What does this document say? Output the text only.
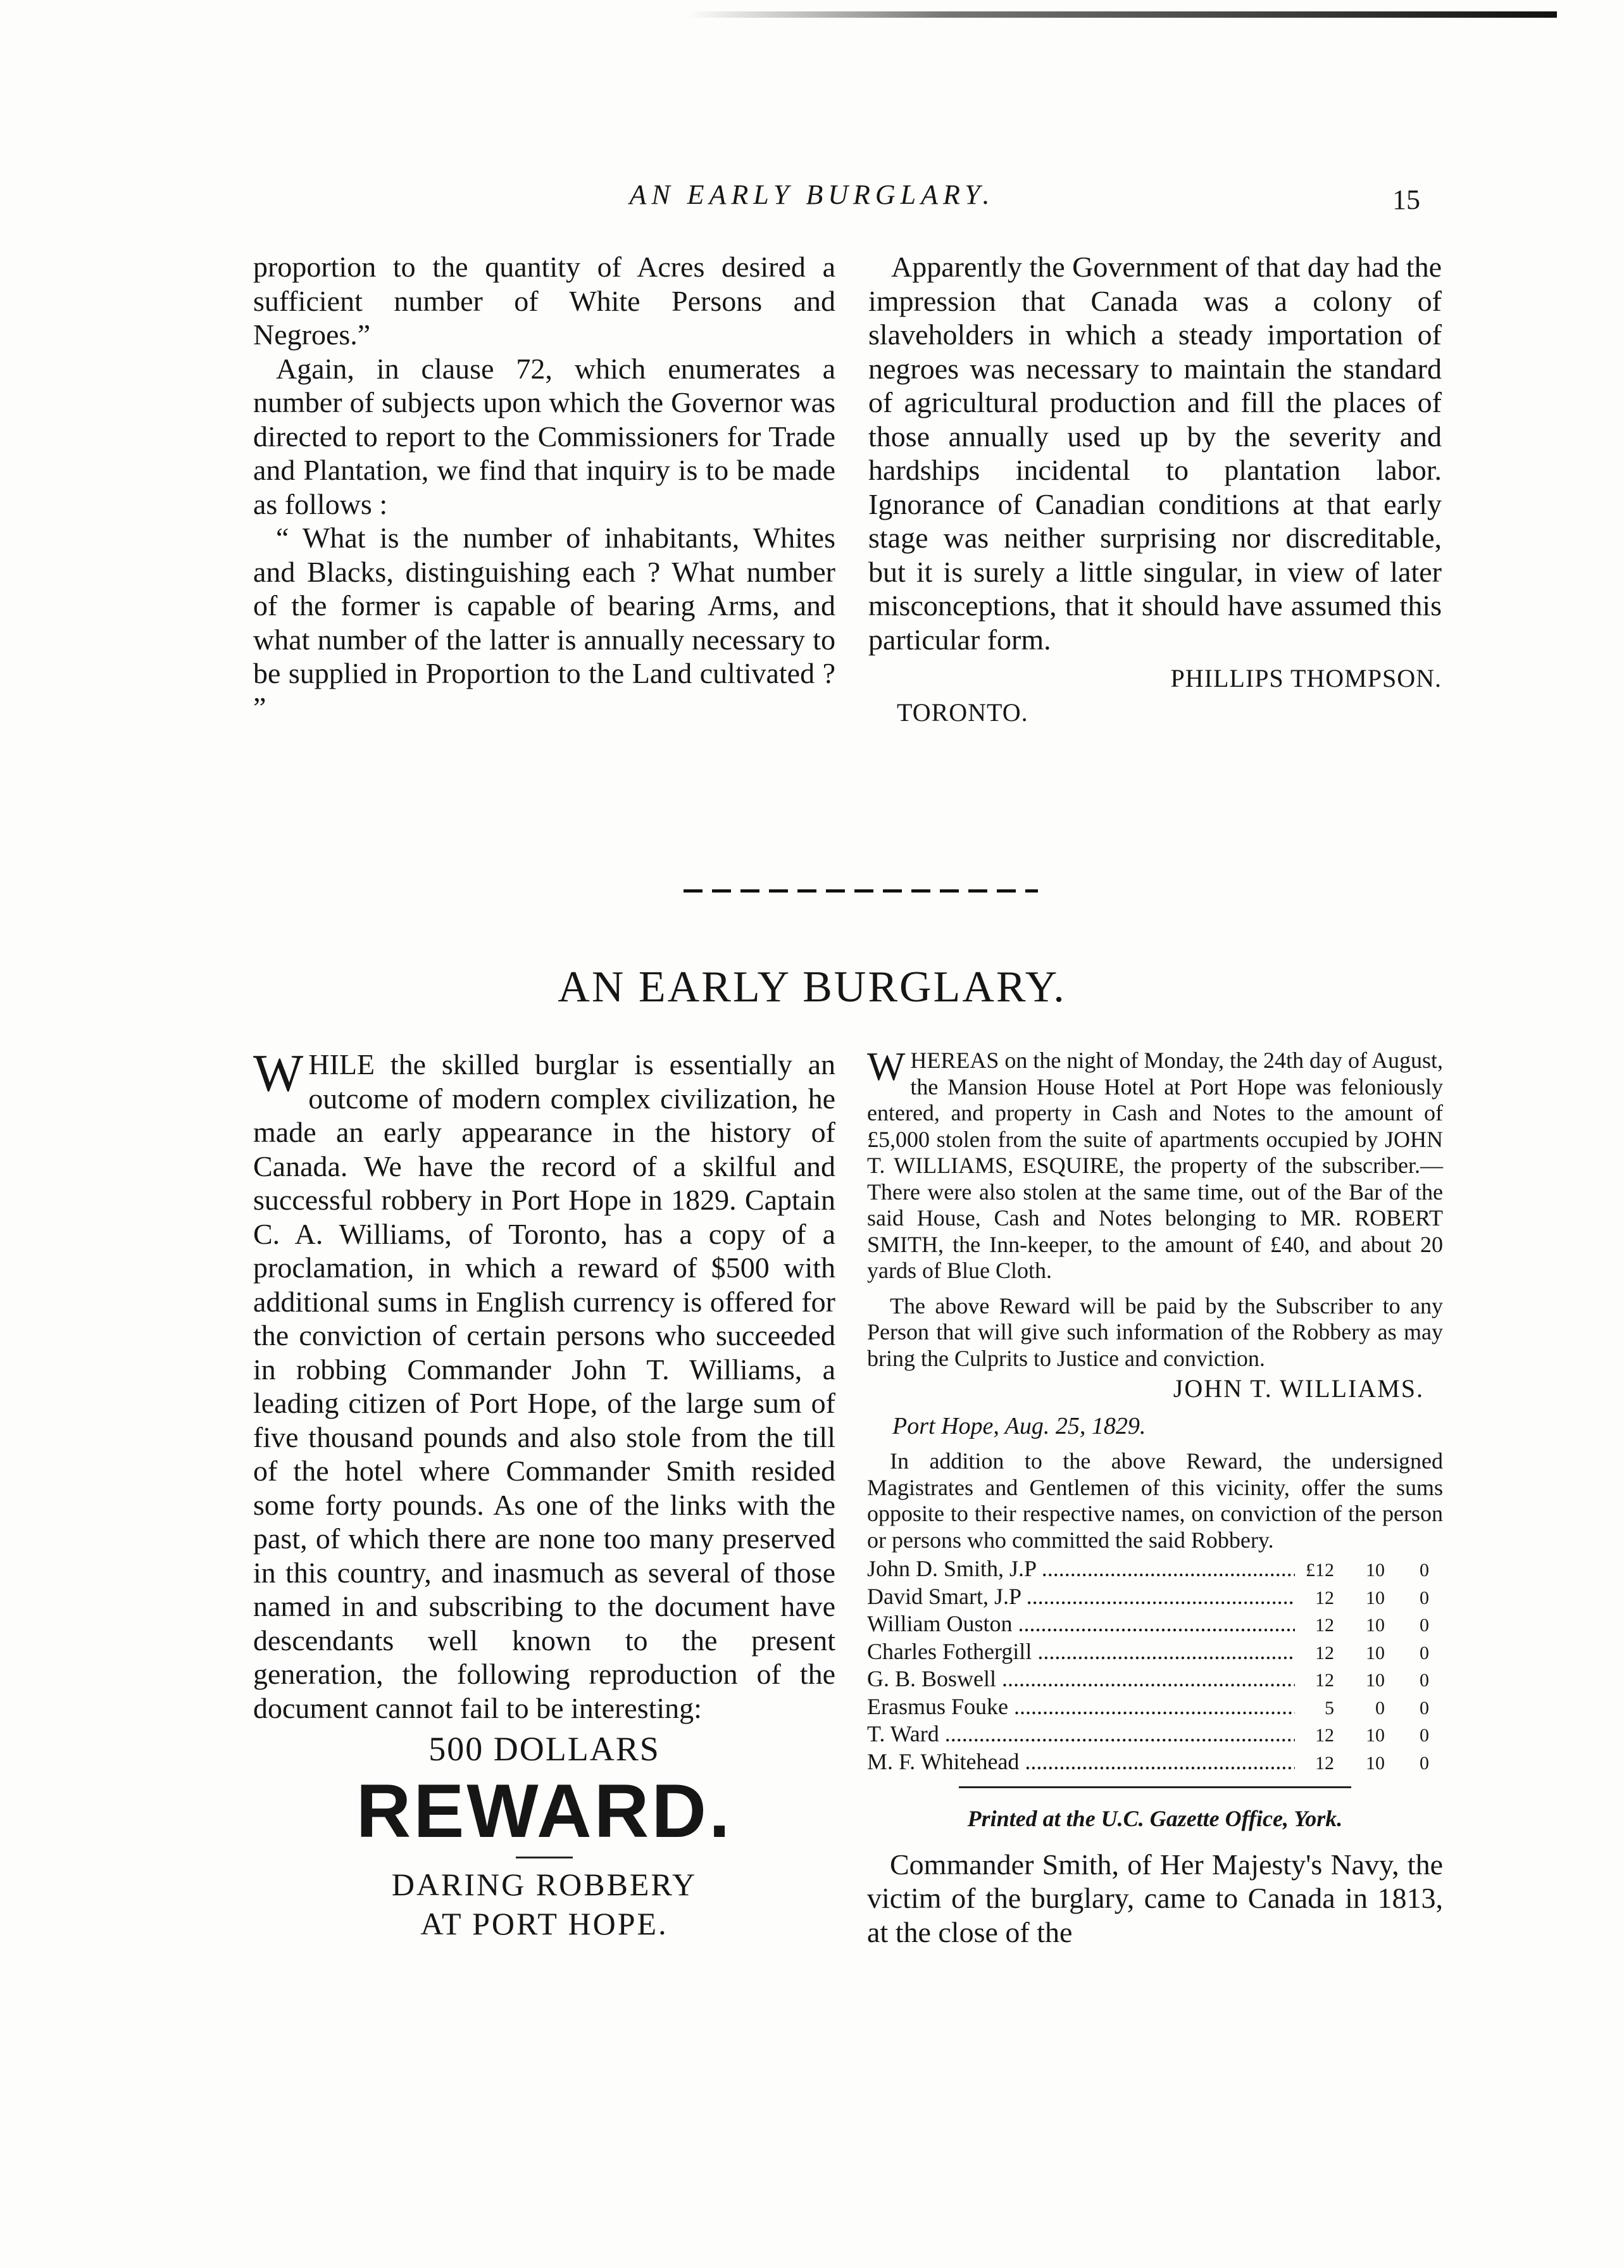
AN EARLY BURGLARY.	15

proportion to the quantity of Acres desired a sufficient number of White Persons and Negroes.”

Again, in clause 72, which enumerates a number of subjects upon which the Governor was directed to report to the Commissioners for Trade and Plantation, we find that inquiry is to be made as follows :

“ What is the number of inhabitants, Whites and Blacks, distinguishing each ? What number of the former is capable of bearing Arms, and what number of the latter is annually necessary to be supplied in Proportion to the Land cultivated ? ”

Apparently the Government of that day had the impression that Canada was a colony of slaveholders in which a steady importation of negroes was necessary to maintain the standard of agricultural production and fill the places of those annually used up by the severity and hardships incidental to plantation labor. Ignorance of Canadian conditions at that early stage was neither surprising nor discreditable, but it is surely a little singular, in view of later misconceptions, that it should have assumed this particular form.

PHILLIPS THOMPSON.
TORONTO.
AN EARLY BURGLARY.

WHILE the skilled burglar is essentially an outcome of modern complex civilization, he made an early appearance in the history of Canada. We have the record of a skilful and successful robbery in Port Hope in 1829. Captain C. A. Williams, of Toronto, has a copy of a proclamation, in which a reward of $500 with additional sums in English currency is offered for the conviction of certain persons who succeeded in robbing Commander John T. Williams, a leading citizen of Port Hope, of the large sum of five thousand pounds and also stole from the till of the hotel where Commander Smith resided some forty pounds. As one of the links with the past, of which there are none too many preserved in this country, and inasmuch as several of those named in and subscribing to the document have descendants well known to the present generation, the following reproduction of the document cannot fail to be interesting:

500 DOLLARS
REWARD.
DARING ROBBERY
AT PORT HOPE.

WHEREAS on the night of Monday, the 24th day of August, the Mansion House Hotel at Port Hope was feloniously entered, and property in Cash and Notes to the amount of £5,000 stolen from the suite of apartments occupied by JOHN T. WILLIAMS, ESQUIRE, the property of the subscriber.—There were also stolen at the same time, out of the Bar of the said House, Cash and Notes belonging to MR. ROBERT SMITH, the Inn-keeper, to the amount of £40, and about 20 yards of Blue Cloth.

The above Reward will be paid by the Subscriber to any Person that will give such information of the Robbery as may bring the Culprits to Justice and conviction.

JOHN T. WILLIAMS.
Port Hope, Aug. 25, 1829.

In addition to the above Reward, the undersigned Magistrates and Gentlemen of this vicinity, offer the sums opposite to their respective names, on conviction of the person or persons who committed the said Robbery.

John D. Smith, J.P .....	£12	10	0
David Smart, J.P .....	12	10	0
William Ouston .....	12	10	0
Charles Fothergill .....	12	10	0
G. B. Boswell .....	12	10	0
Erasmus Fouke .....	5	0	0
T. Ward .....	12	10	0
M. F. Whitehead .....	12	10	0
Printed at the U.C. Gazette Office, York.

Commander Smith, of Her Majesty's Navy, the victim of the burglary, came to Canada in 1813, at the close of the
